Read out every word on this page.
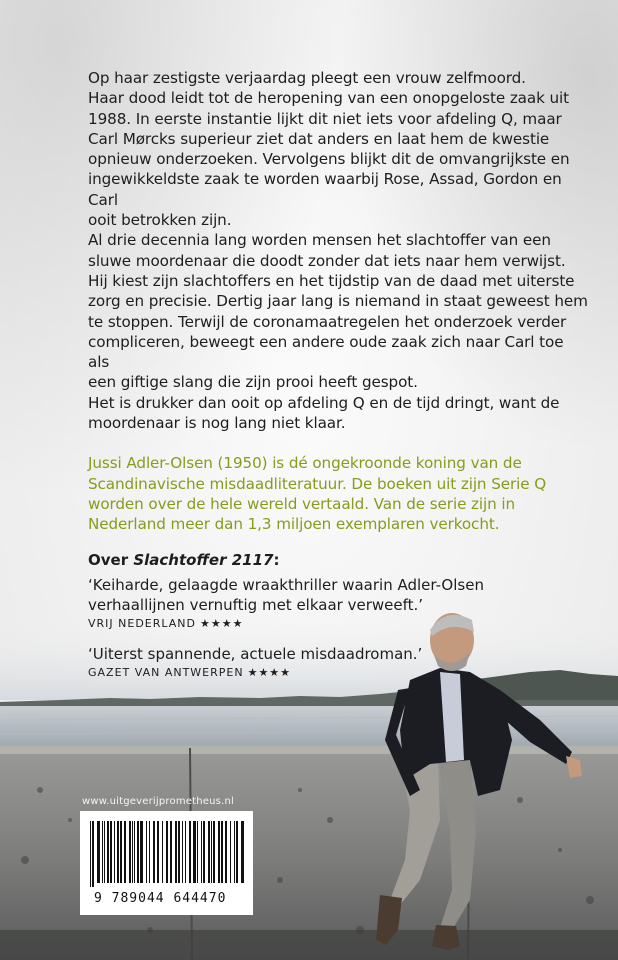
Op haar zestigste verjaardag pleegt een vrouw zelfmoord.
Haar dood leidt tot de heropening van een onopgeloste zaak uit
1988. In eerste instantie lijkt dit niet iets voor afdeling Q, maar
Carl Mørcks superieur ziet dat anders en laat hem de kwestie
opnieuw onderzoeken. Vervolgens blijkt dit de omvangrijkste en
ingewikkeldste zaak te worden waarbij Rose, Assad, Gordon en Carl
ooit betrokken zijn.
Al drie decennia lang worden mensen het slachtoffer van een
sluwe moordenaar die doodt zonder dat iets naar hem verwijst.
Hij kiest zijn slachtoffers en het tijdstip van de daad met uiterste
zorg en precisie. Dertig jaar lang is niemand in staat geweest hem
te stoppen. Terwijl de coronamaatregelen het onderzoek verder
compliceren, beweegt een andere oude zaak zich naar Carl toe als
een giftige slang die zijn prooi heeft gespot.
Het is drukker dan ooit op afdeling Q en de tijd dringt, want de
moordenaar is nog lang niet klaar.

Jussi Adler-Olsen (1950) is dé ongekroonde koning van de
Scandinavische misdaadliteratuur. De boeken uit zijn Serie Q
worden over de hele wereld vertaald. Van de serie zijn in
Nederland meer dan 1,3 miljoen exemplaren verkocht.

Over Slachtoffer 2117:

‘Keiharde, gelaagde wraakthriller waarin Adler-Olsen
verhaallijnen vernuftig met elkaar verweeft.’

VRIJ NEDERLAND ★★★★

‘Uiterst spannende, actuele misdaadroman.’

GAZET VAN ANTWERPEN ★★★★

www.uitgeverijprometheus.nl
9 789044 644470
